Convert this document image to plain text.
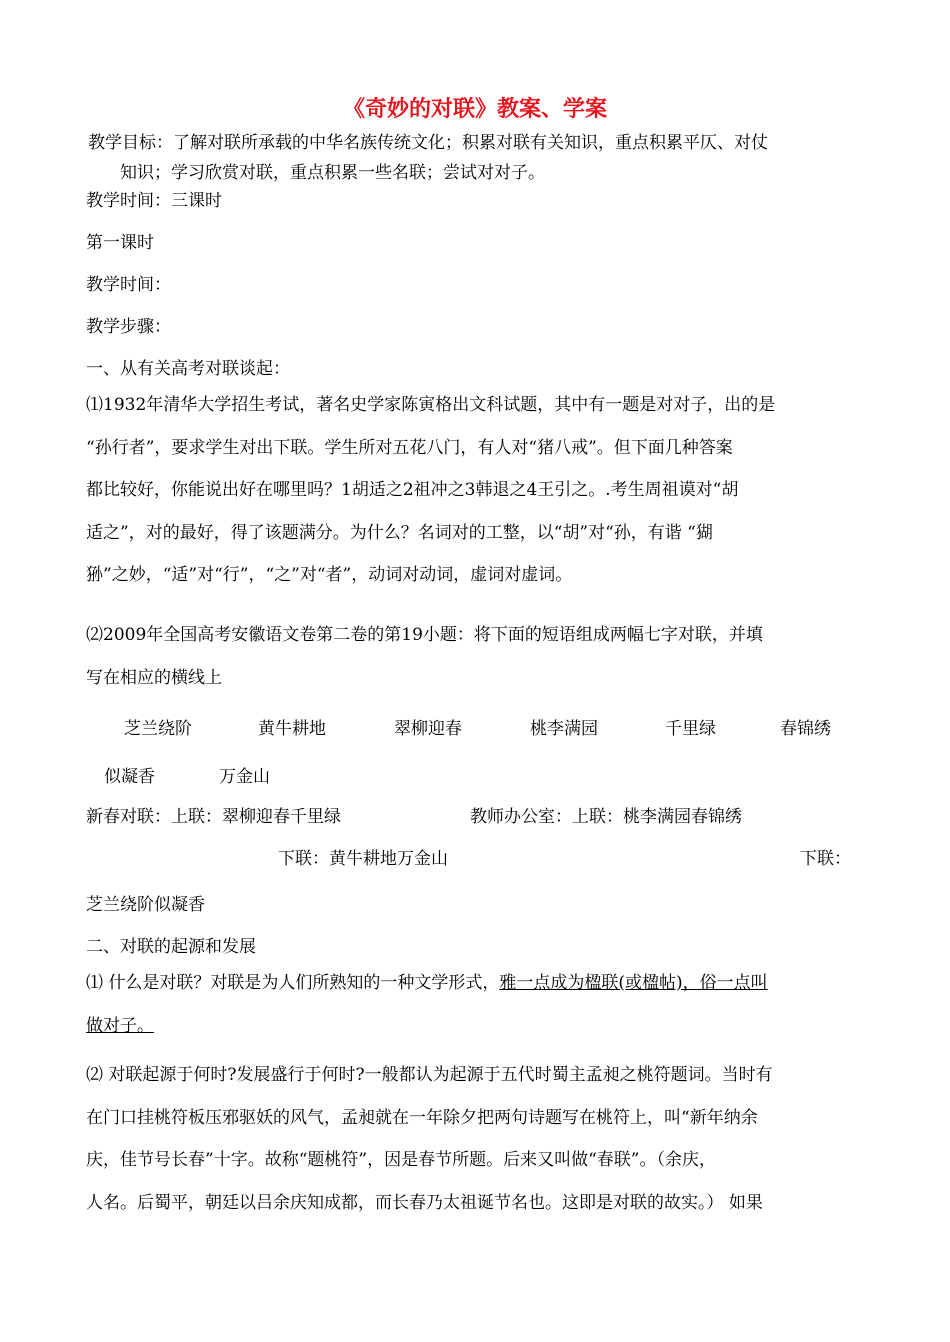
《奇妙的对联》教案、学案
教学目标：了解对联所承载的中华名族传统文化；积累对联有关知识，重点积累平仄、对仗
知识；学习欣赏对联，重点积累一些名联；尝试对对子。
教学时间：三课时
第一课时
教学时间：
教学步骤：
一、从有关高考对联谈起：
⑴1932年清华大学招生考试，著名史学家陈寅格出文科试题，其中有一题是对对子，出的是
“孙行者”，要求学生对出下联。学生所对五花八门，有人对“猪八戒”。但下面几种答案
都比较好，你能说出好在哪里吗？1胡适之2祖冲之3韩退之4王引之。.考生周祖谟对“胡
适之”，对的最好，得了该题满分。为什么？名词对的工整，以“胡”对“孙，有谐 “猢
狲”之妙，“适”对“行”，“之”对“者”，动词对动词，虚词对虚词。
⑵2009年全国高考安徽语文卷第二卷的第19小题：将下面的短语组成两幅七字对联，并填
写在相应的横线上
芝兰绕阶	黄牛耕地	翠柳迎春	桃李满园	千里绿	春锦绣
似凝香	万金山
新春对联：上联：翠柳迎春千里绿	教师办公室：上联：桃李满园春锦绣
下联：黄牛耕地万金山	下联：
芝兰绕阶似凝香
二、对联的起源和发展
⑴ 什么是对联？对联是为人们所熟知的一种文学形式，雅一点成为楹联(或楹帖)，俗一点叫
做对子。
⑵ 对联起源于何时?发展盛行于何时?一般都认为起源于五代时蜀主孟昶之桃符题词。当时有
在门口挂桃符板压邪驱妖的风气，孟昶就在一年除夕把两句诗题写在桃符上，叫“新年纳余
庆，佳节号长春”十字。故称“题桃符”，因是春节所题。后来又叫做“春联”。（余庆，
人名。后蜀平，朝廷以吕余庆知成都，而长春乃太祖诞节名也。这即是对联的故实。） 如果
